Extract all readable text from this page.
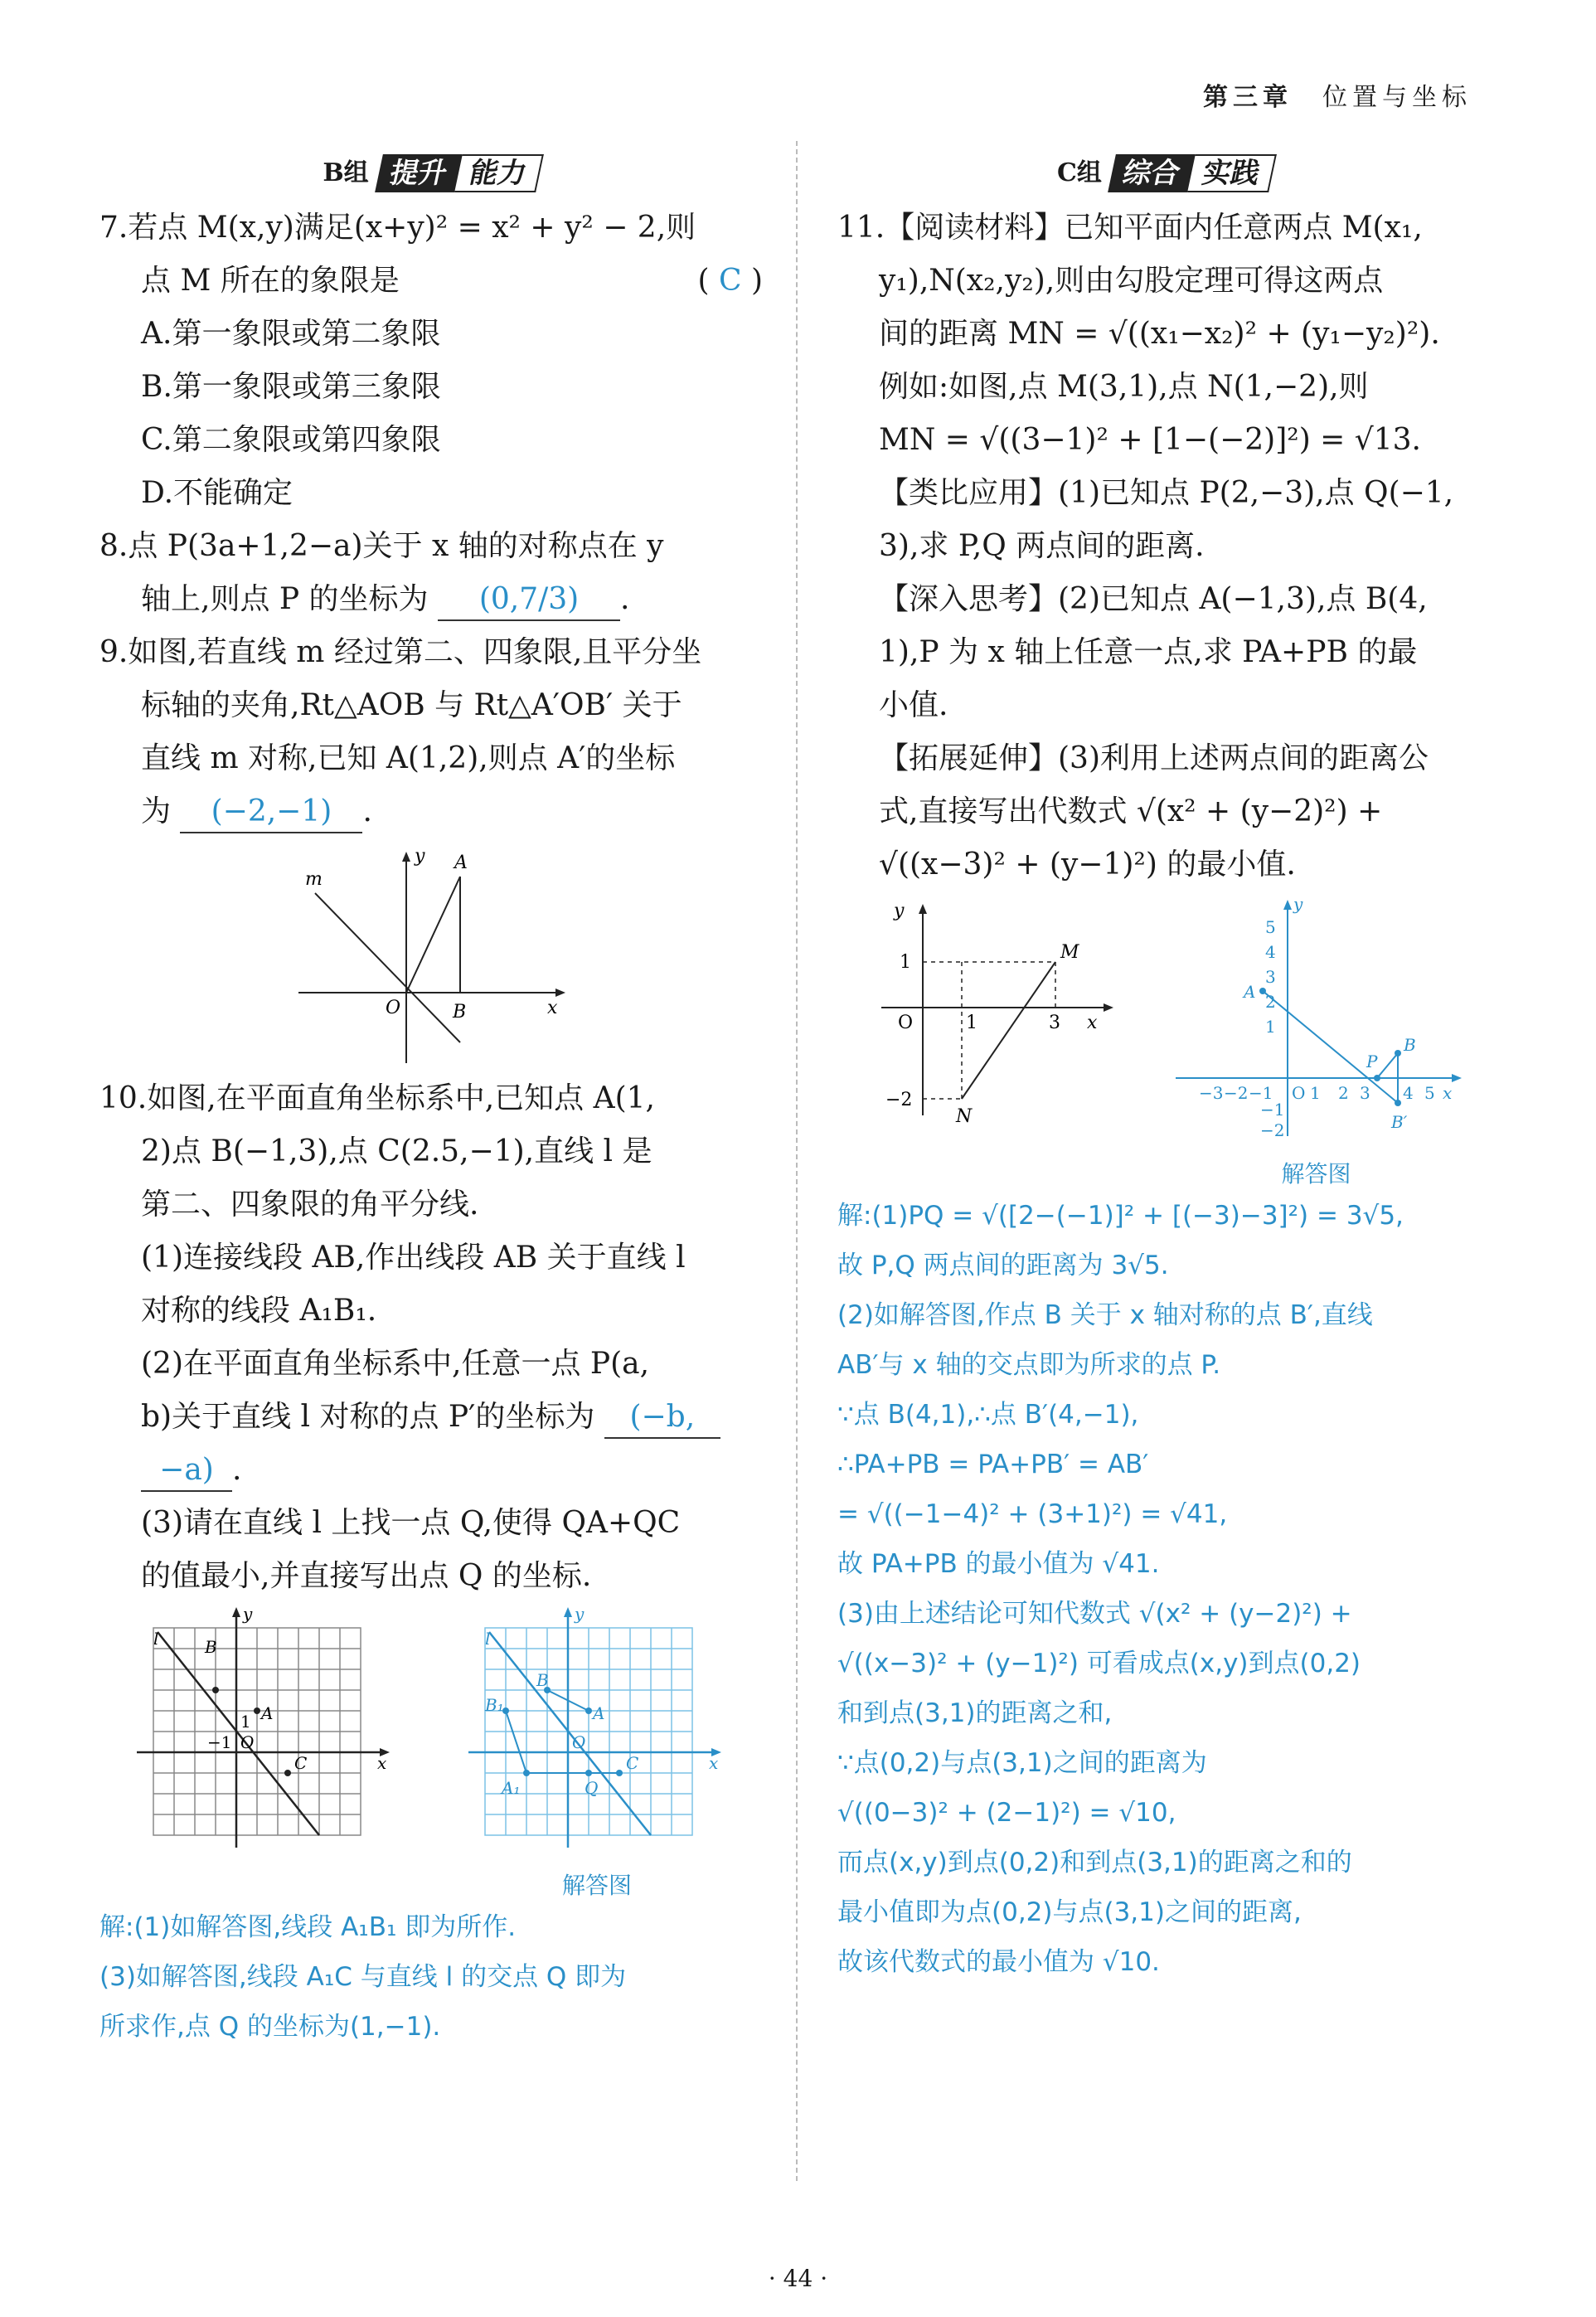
第三章 位置与坐标
B组 提升 能力

7.若点 M(x,y)满足(x+y)² = x² + y² − 2,则

点 M 所在的象限是	( C )

A.第一象限或第二象限

B.第一象限或第三象限

C.第二象限或第四象限

D.不能确定

8.点 P(3a+1,2−a)关于 x 轴的对称点在 y

轴上,则点 P 的坐标为 (0,7/3) .

9.如图,若直线 m 经过第二、四象限,且平分坐

标轴的夹角,Rt△AOB 与 Rt△A′OB′ 关于

直线 m 对称,已知 A(1,2),则点 A′的坐标

为 (−2,−1) .

m
y A
O	B	x

10.如图,在平面直角坐标系中,已知点 A(1,

2)点 B(−1,3),点 C(2.5,−1),直线 l 是

第二、四象限的角平分线.

(1)连接线段 AB,作出线段 AB 关于直线 l

对称的线段 A₁B₁.

(2)在平面直角坐标系中,任意一点 P(a,

b)关于直线 l 对称的点 P′的坐标为 (−b,

−a) .

(3)请在直线 l 上找一点 Q,使得 QA+QC

的值最小,并直接写出点 Q 的坐标.

l	B
A
C
O
y
x
1
−1
l
B
A
C
B₁
A₁	Q
O
y
x
解答图

解:(1)如解答图,线段 A₁B₁ 即为所作.

(3)如解答图,线段 A₁C 与直线 l 的交点 Q 即为

所求作,点 Q 的坐标为(1,−1).

C组 综合 实践

11.【阅读材料】已知平面内任意两点 M(x₁,

y₁),N(x₂,y₂),则由勾股定理可得这两点

间的距离 MN = √((x₁−x₂)² + (y₁−y₂)²).

例如:如图,点 M(3,1),点 N(1,−2),则

MN = √((3−1)² + [1−(−2)]²) = √13.

【类比应用】(1)已知点 P(2,−3),点 Q(−1,

3),求 P,Q 两点间的距离.

【深入思考】(2)已知点 A(−1,3),点 B(4,

1),P 为 x 轴上任意一点,求 PA+PB 的最

小值.

【拓展延伸】(3)利用上述两点间的距离公

式,直接写出代数式 √(x² + (y−2)²) +

√((x−3)² + (y−1)²) 的最小值.

y
1	M
O	1	3 x
−2
N
y
x
A
B
P
B′
O
5
4
3
2
1
−1
−2
−3 −2 −1 1 2 3 4 5
解答图

解:(1)PQ = √([2−(−1)]² + [(−3)−3]²) = 3√5,

故 P,Q 两点间的距离为 3√5.

(2)如解答图,作点 B 关于 x 轴对称的点 B′,直线

AB′与 x 轴的交点即为所求的点 P.

∵点 B(4,1),∴点 B′(4,−1),

∴PA+PB = PA+PB′ = AB′

= √((−1−4)² + (3+1)²) = √41,

故 PA+PB 的最小值为 √41.

(3)由上述结论可知代数式 √(x² + (y−2)²) +

√((x−3)² + (y−1)²) 可看成点(x,y)到点(0,2)

和到点(3,1)的距离之和,

∵点(0,2)与点(3,1)之间的距离为

√((0−3)² + (2−1)²) = √10,

而点(x,y)到点(0,2)和到点(3,1)的距离之和的

最小值即为点(0,2)与点(3,1)之间的距离,

故该代数式的最小值为 √10.

· 44 ·
